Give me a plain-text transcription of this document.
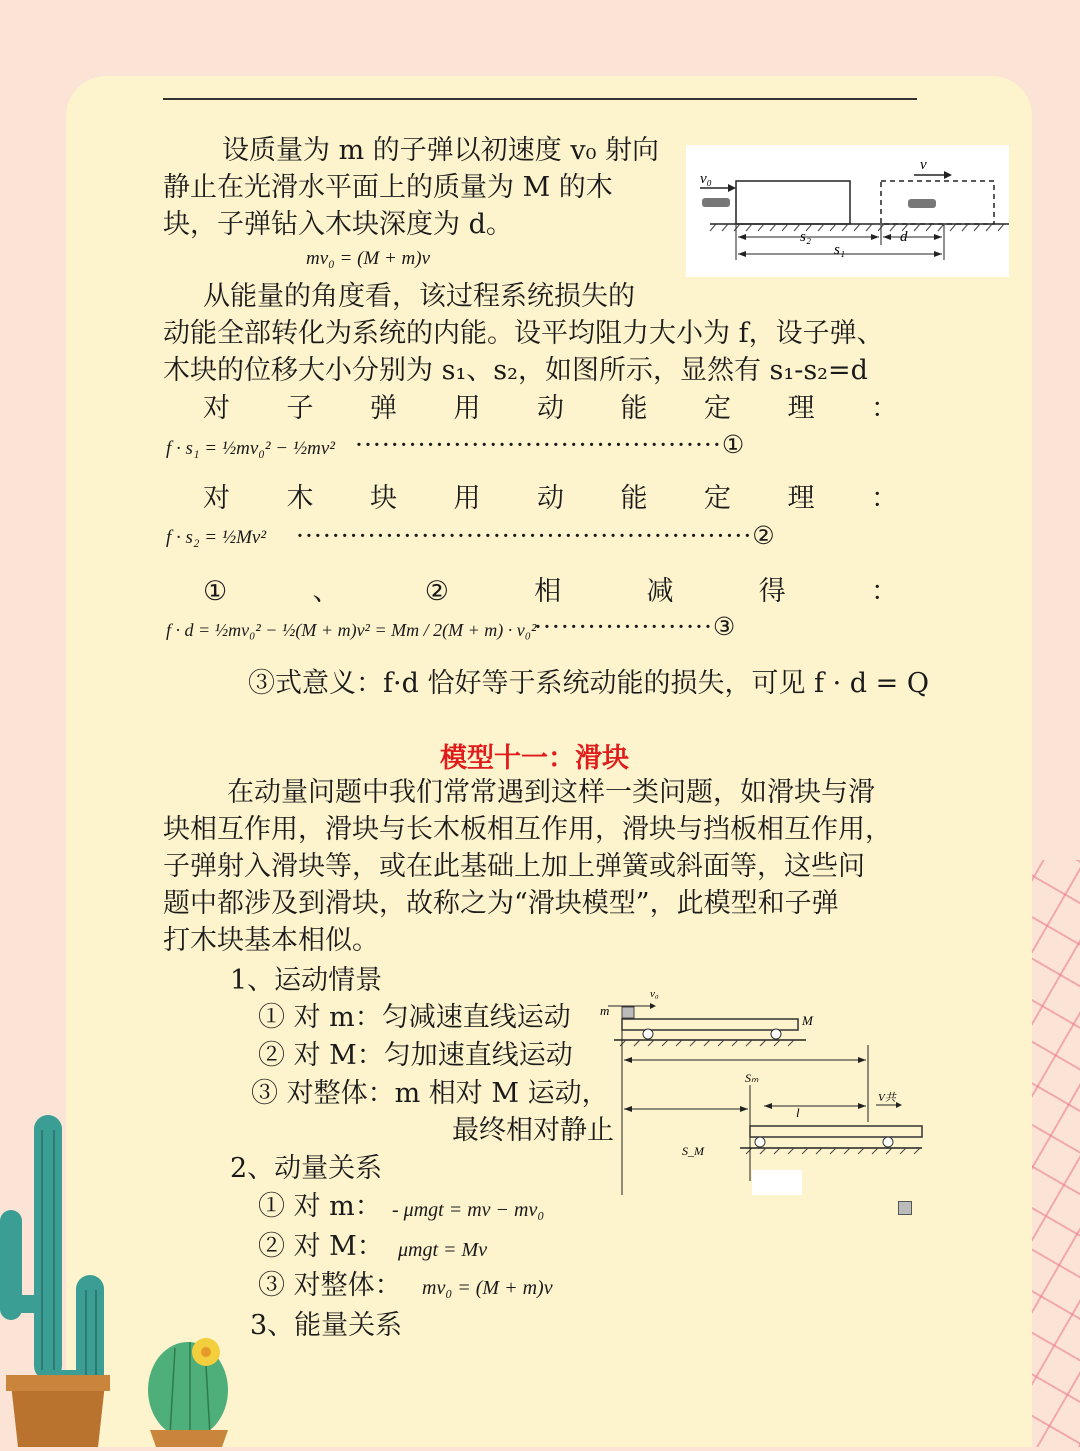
设质量为 m 的子弹以初速度 v₀ 射向
静止在光滑水平面上的质量为 M 的木
块，子弹钻入木块深度为 d。
mv₀ = (M + m)v
从能量的角度看，该过程系统损失的
动能全部转化为系统的内能。设平均阻力大小为 f，设子弹、
木块的位移大小分别为 s₁、s₂，如图所示，显然有 s₁-s₂=d
v₀
v
s₂	d
s₁
对 子 弹 用 动 能 定 理 ：
f · s₁ = ½mv₀² − ½mv² ·········································①
对 木 块 用 动 能 定 理 ：
f · s₂ = ½Mv² ···················································②
①	、	②	相	减	得	：
f · d = ½mv₀² − ½(M + m)v² = Mm / 2(M + m) · v₀²
····················③
③式意义：f·d 恰好等于系统动能的损失，可见 f · d = Q
模型十一：滑块
在动量问题中我们常常遇到这样一类问题，如滑块与滑
块相互作用，滑块与长木板相互作用，滑块与挡板相互作用，
子弹射入滑块等，或在此基础上加上弹簧或斜面等，这些问
题中都涉及到滑块，故称之为“滑块模型”，此模型和子弹
打木块基本相似。
1、运动情景
① 对 m：匀减速直线运动
② 对 M：匀加速直线运动
③ 对整体：m 相对 M 运动，
最终相对静止
2、动量关系
① 对 m： - μmgt = mv − mv₀
② 对 M： μmgt = Mv
③ 对整体： mv₀ = (M + m)v
3、能量关系
m
v₀
M
Sₘ
V共
l
S_M
